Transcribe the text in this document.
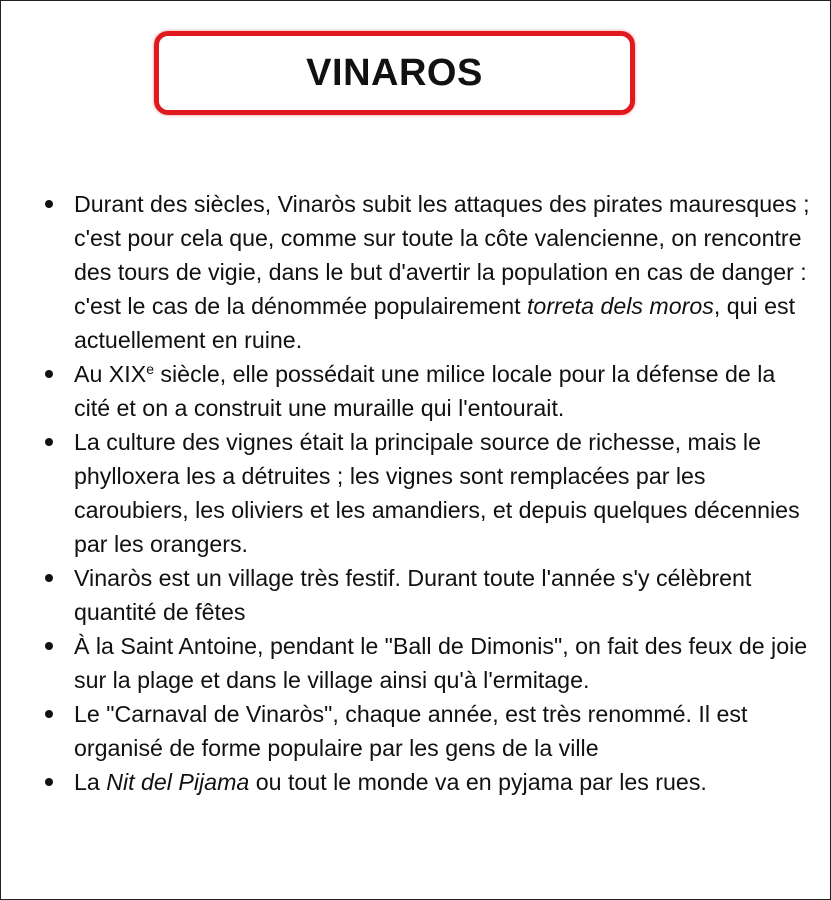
VINAROS
Durant des siècles, Vinaròs subit les attaques des pirates mauresques ; c'est pour cela que, comme sur toute la côte valencienne, on rencontre des tours de vigie, dans le but d'avertir la population en cas de danger : c'est le cas de la dénommée populairement torreta dels moros, qui est actuellement en ruine.
Au XIXe siècle, elle possédait une milice locale pour la défense de la cité et on a construit une muraille qui l'entourait.
La culture des vignes était la principale source de richesse, mais le phylloxera les a détruites ; les vignes sont remplacées par les caroubiers, les oliviers et les amandiers, et depuis quelques décennies par les orangers.
Vinaròs est un village très festif. Durant toute l'année s'y célèbrent quantité de fêtes
À la Saint Antoine, pendant le "Ball de Dimonis", on fait des feux de joie sur la plage et dans le village ainsi qu'à l'ermitage.
Le "Carnaval de Vinaròs", chaque année, est très renommé. Il est organisé de forme populaire par les gens de la ville
La Nit del Pijama ou tout le monde va en pyjama par les rues.
